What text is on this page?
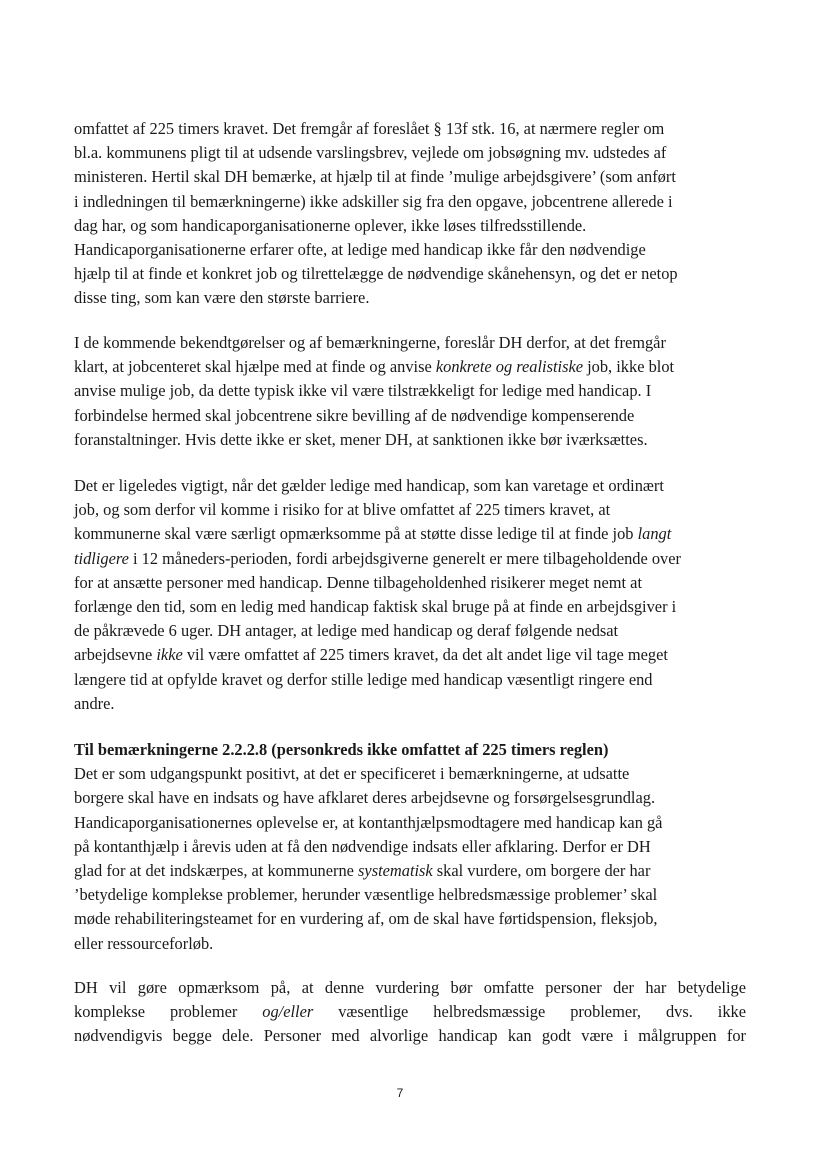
omfattet af 225 timers kravet. Det fremgår af foreslået § 13f stk. 16, at nærmere regler om
bl.a. kommunens pligt til at udsende varslingsbrev, vejlede om jobsøgning mv. udstedes af
ministeren. Hertil skal DH bemærke, at hjælp til at finde ’mulige arbejdsgivere’ (som anført
i indledningen til bemærkningerne) ikke adskiller sig fra den opgave, jobcentrene allerede i
dag har, og som handicaporganisationerne oplever, ikke løses tilfredsstillende.
Handicaporganisationerne erfarer ofte, at ledige med handicap ikke får den nødvendige
hjælp til at finde et konkret job og tilrettelægge de nødvendige skånehensyn, og det er netop
disse ting, som kan være den største barriere.
I de kommende bekendtgørelser og af bemærkningerne, foreslår DH derfor, at det fremgår
klart, at jobcenteret skal hjælpe med at finde og anvise konkrete og realistiske job, ikke blot
anvise mulige job, da dette typisk ikke vil være tilstrækkeligt for ledige med handicap. I
forbindelse hermed skal jobcentrene sikre bevilling af de nødvendige kompenserende
foranstaltninger. Hvis dette ikke er sket, mener DH, at sanktionen ikke bør iværksættes.
Det er ligeledes vigtigt, når det gælder ledige med handicap, som kan varetage et ordinært
job, og som derfor vil komme i risiko for at blive omfattet af 225 timers kravet, at
kommunerne skal være særligt opmærksomme på at støtte disse ledige til at finde job langt
tidligere i 12 måneders-perioden, fordi arbejdsgiverne generelt er mere tilbageholdende over
for at ansætte personer med handicap. Denne tilbageholdenhed risikerer meget nemt at
forlænge den tid, som en ledig med handicap faktisk skal bruge på at finde en arbejdsgiver i
de påkrævede 6 uger. DH antager, at ledige med handicap og deraf følgende nedsat
arbejdsevne ikke vil være omfattet af 225 timers kravet, da det alt andet lige vil tage meget
længere tid at opfylde kravet og derfor stille ledige med handicap væsentligt ringere end
andre.
Til bemærkningerne 2.2.2.8 (personkreds ikke omfattet af 225 timers reglen)
Det er som udgangspunkt positivt, at det er specificeret i bemærkningerne, at udsatte
borgere skal have en indsats og have afklaret deres arbejdsevne og forsørgelsesgrundlag.
Handicaporganisationernes oplevelse er, at kontanthjælpsmodtagere med handicap kan gå
på kontanthjælp i årevis uden at få den nødvendige indsats eller afklaring. Derfor er DH
glad for at det indskærpes, at kommunerne systematisk skal vurdere, om borgere der har
’betydelige komplekse problemer, herunder væsentlige helbredsmæssige problemer’ skal
møde rehabiliteringsteamet for en vurdering af, om de skal have førtidspension, fleksjob,
eller ressourceforløb.
DH vil gøre opmærksom på, at denne vurdering bør omfatte personer der har betydelige
komplekse problemer og/eller væsentlige helbredsmæssige problemer, dvs. ikke
nødvendigvis begge dele. Personer med alvorlige handicap kan godt være i målgruppen for
7
